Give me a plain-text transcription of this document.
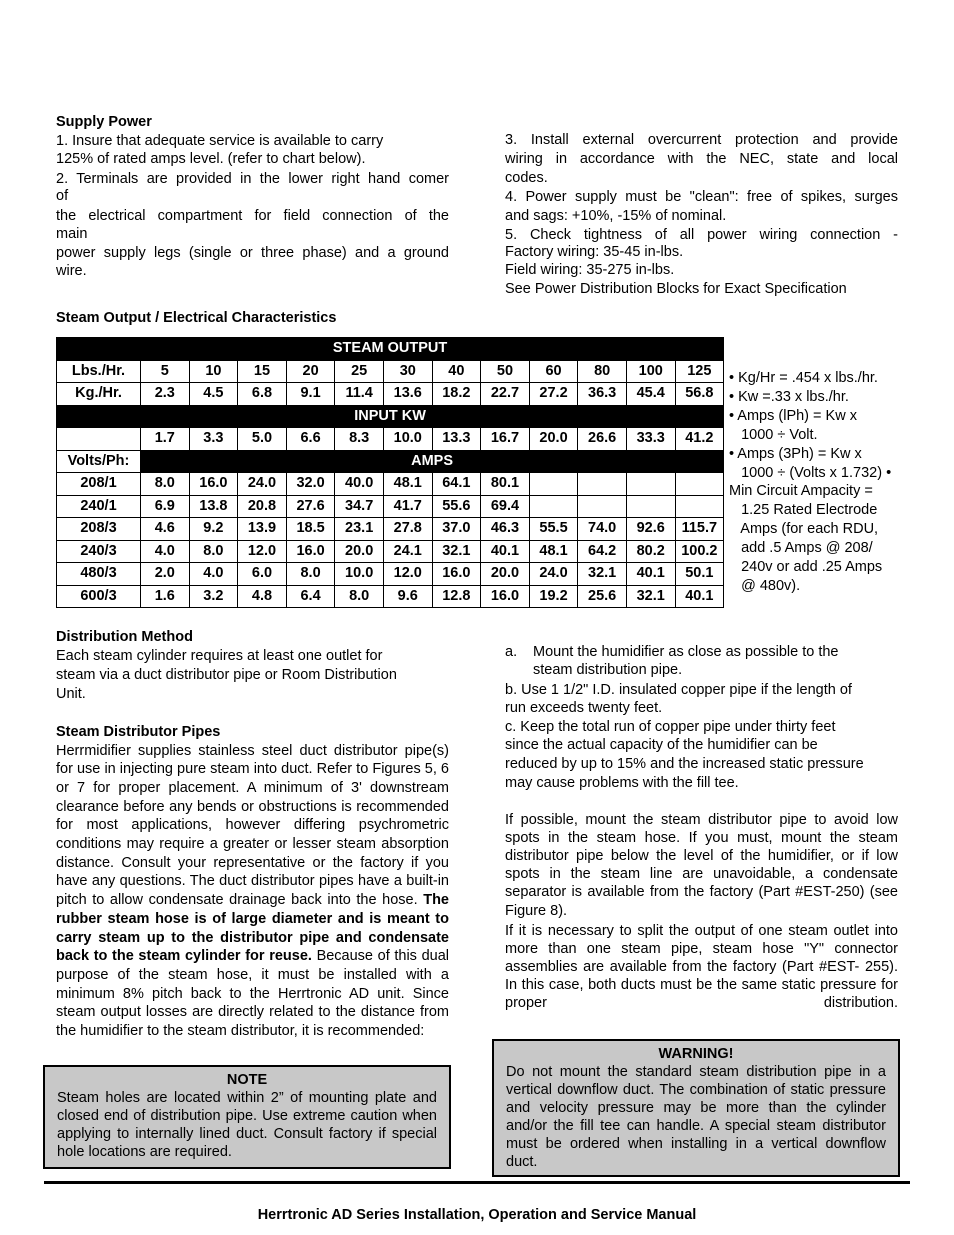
Supply Power
1. Insure that adequate service is available to carry
125% of rated amps level. (refer to chart below).
2. Terminals are provided in the lower right hand comer
of
the electrical compartment for field connection of the
main
power supply legs (single or three phase) and a ground
wire.
3. Install external overcurrent protection and provide
wiring in accordance with the NEC, state and local
codes.
4. Power supply must be "clean": free of spikes, surges
and sags: +10%, -15% of nominal.
5. Check tightness of all power wiring connection -
Factory wiring: 35-45 in-lbs.
Field wiring: 35-275 in-lbs.
See Power Distribution Blocks for Exact Specification
Steam Output / Electrical Characteristics
STEAM OUTPUT												
Lbs./Hr.	5	10	15	20	25	30	40	50	60	80	100	125
Kg./Hr.	2.3	4.5	6.8	9.1	11.4	13.6	18.2	22.7	27.2	36.3	45.4	56.8
INPUT KW												
	1.7	3.3	5.0	6.6	8.3	10.0	13.3	16.7	20.0	26.6	33.3	41.2
Volts/Ph:	AMPS											
208/1	8.0	16.0	24.0	32.0	40.0	48.1	64.1	80.1				
240/1	6.9	13.8	20.8	27.6	34.7	41.7	55.6	69.4				
208/3	4.6	9.2	13.9	18.5	23.1	27.8	37.0	46.3	55.5	74.0	92.6	115.7
240/3	4.0	8.0	12.0	16.0	20.0	24.1	32.1	40.1	48.1	64.2	80.2	100.2
480/3	2.0	4.0	6.0	8.0	10.0	12.0	16.0	20.0	24.0	32.1	40.1	50.1
600/3	1.6	3.2	4.8	6.4	8.0	9.6	12.8	16.0	19.2	25.6	32.1	40.1
• Kg/Hr = .454 x lbs./hr.
• Kw =.33 x lbs./hr.
• Amps (lPh) = Kw x
1000 ÷ Volt.
• Amps (3Ph) = Kw x
1000 ÷ (Volts x 1.732) •
Min Circuit Ampacity =
1.25 Rated Electrode
Amps (for each RDU,
add .5 Amps @ 208/
240v or add .25 Amps
@ 480v).
Distribution Method
Each steam cylinder requires at least one outlet for
steam via a duct distributor pipe or Room Distribution
Unit.
Steam Distributor Pipes
Herrmidifier supplies stainless steel duct distributor pipe(s) for use in injecting pure steam into duct. Refer to Figures 5, 6 or 7 for proper placement. A minimum of 3' downstream clearance before any bends or obstructions is recommended for most applications, however differing psychrometric conditions may require a greater or lesser steam absorption distance. Consult your representative or the factory if you have any questions. The duct distributor pipes have a built-in pitch to allow condensate drainage back into the hose. The rubber steam hose is of large diameter and is meant to carry steam up to the distributor pipe and condensate back to the steam cylinder for reuse. Because of this dual purpose of the steam hose, it must be installed with a minimum 8% pitch back to the Herrtronic AD unit. Since steam output losses are directly related to the distance from the humidifier to the steam distributor, it is recommended:
a. Mount the humidifier as close as possible to the
steam distribution pipe.
b. Use 1 1/2" I.D. insulated copper pipe if the length of
run exceeds twenty feet.
c. Keep the total run of copper pipe under thirty feet
since the actual capacity of the humidifier can be
reduced by up to 15% and the increased static pressure
may cause problems with the fill tee.
If possible, mount the steam distributor pipe to avoid low spots in the steam hose. If you must, mount the steam distributor pipe below the level of the humidifier, or if low spots in the steam line are unavoidable, a condensate separator is available from the factory (Part #EST-250) (see Figure 8).
If it is necessary to split the output of one steam outlet into more than one steam pipe, steam hose "Y" connector assemblies are available from the factory (Part #EST- 255). In this case, both ducts must be the same static pressure for proper distribution.
NOTE
Steam holes are located within 2” of mounting plate and closed end of distribution pipe. Use extreme caution when applying to internally lined duct. Consult factory if special hole locations are required.
WARNING!
Do not mount the standard steam distribution pipe in a vertical downflow duct. The combination of static pressure and velocity pressure may be more than the cylinder and/or the fill tee can handle. A special steam distributor must be ordered when installing in a vertical downflow duct.
Herrtronic AD Series Installation, Operation and Service Manual
